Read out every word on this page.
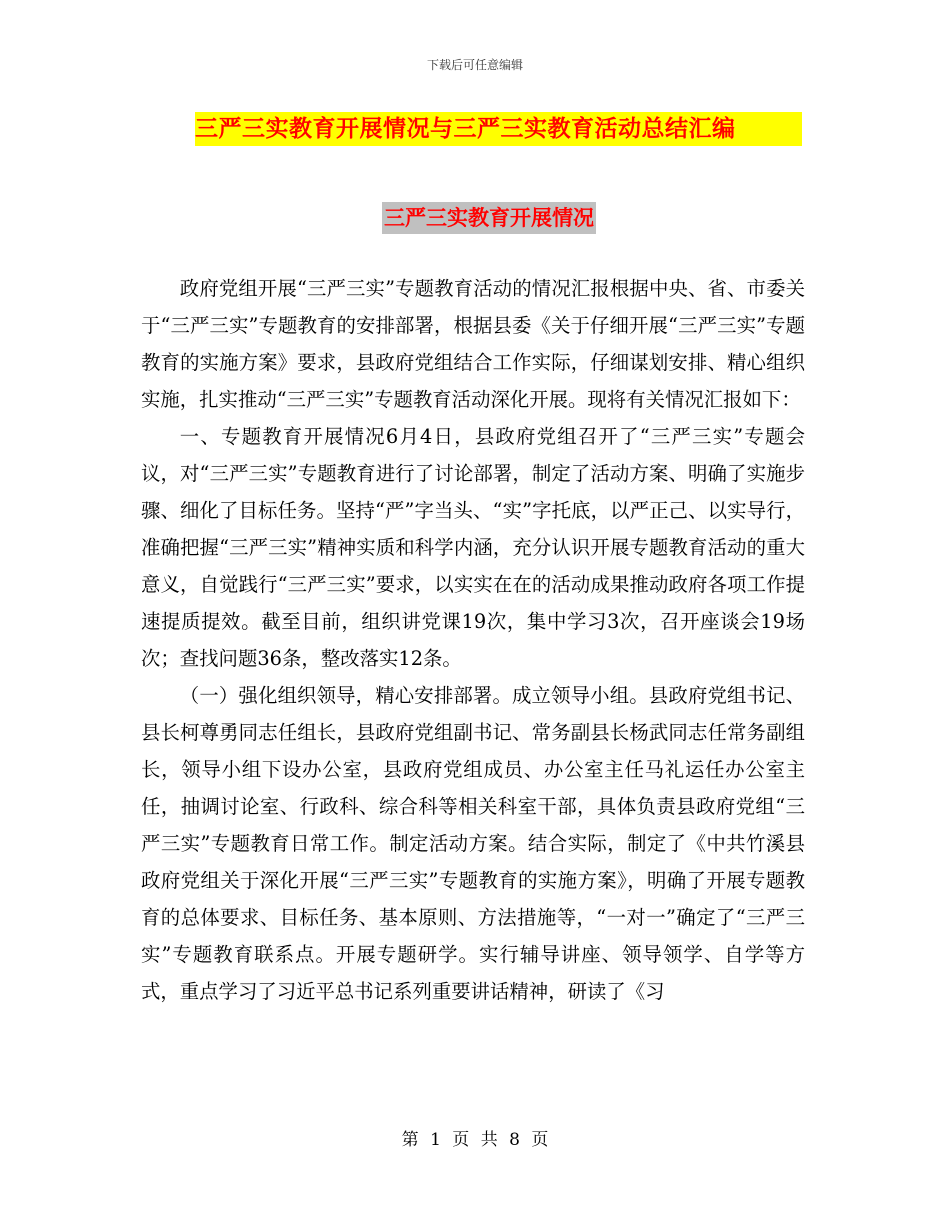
下载后可任意编辑
三严三实教育开展情况与三严三实教育活动总结汇编
三严三实教育开展情况

政府党组开展“三严三实”专题教育活动的情况汇报根据中央、省、市委关于“三严三实”专题教育的安排部署，根据县委《关于仔细开展“三严三实”专题教育的实施方案》要求，县政府党组结合工作实际，仔细谋划安排、精心组织实施，扎实推动“三严三实”专题教育活动深化开展。现将有关情况汇报如下：

一、专题教育开展情况6月4日，县政府党组召开了“三严三实”专题会议，对“三严三实”专题教育进行了讨论部署，制定了活动方案、明确了实施步骤、细化了目标任务。坚持“严”字当头、“实”字托底，以严正己、以实导行，准确把握“三严三实”精神实质和科学内涵，充分认识开展专题教育活动的重大意义，自觉践行“三严三实”要求，以实实在在的活动成果推动政府各项工作提速提质提效。截至目前，组织讲党课19次，集中学习3次，召开座谈会19场次；查找问题36条，整改落实12条。

（一）强化组织领导，精心安排部署。成立领导小组。县政府党组书记、县长柯尊勇同志任组长，县政府党组副书记、常务副县长杨武同志任常务副组长，领导小组下设办公室，县政府党组成员、办公室主任马礼运任办公室主任，抽调讨论室、行政科、综合科等相关科室干部，具体负责县政府党组“三严三实”专题教育日常工作。制定活动方案。结合实际，制定了《中共竹溪县政府党组关于深化开展“三严三实”专题教育的实施方案》，明确了开展专题教育的总体要求、目标任务、基本原则、方法措施等，“一对一”确定了“三严三实”专题教育联系点。开展专题研学。实行辅导讲座、领导领学、自学等方式，重点学习了习近平总书记系列重要讲话精神，研读了《习

第 1 页 共 8 页
